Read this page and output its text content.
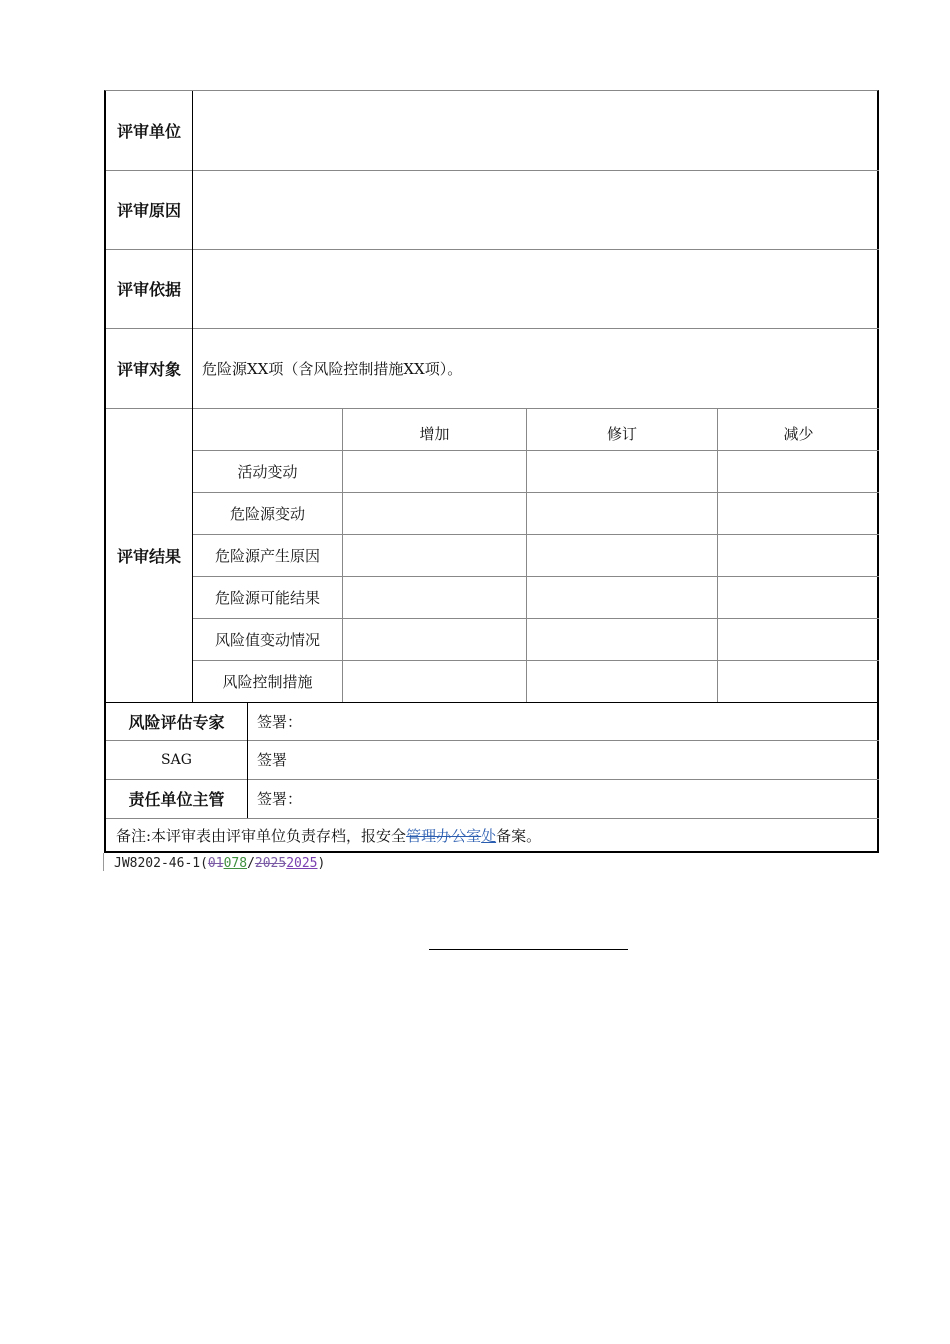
评审单位
评审原因
评审依据
评审对象
评审结果
危险源XX项（含风险控制措施XX项）。
增加	修订	减少
活动变动
危险源变动
危险源产生原因
危险源可能结果
风险值变动情况
风险控制措施
风险评估专家
SAG
责任单位主管
签署：
签署
签署：
备注:本评审表由评审单位负责存档，报安全 管理办公室 处 备案。
JW8202-46-1(01078/20252025)
